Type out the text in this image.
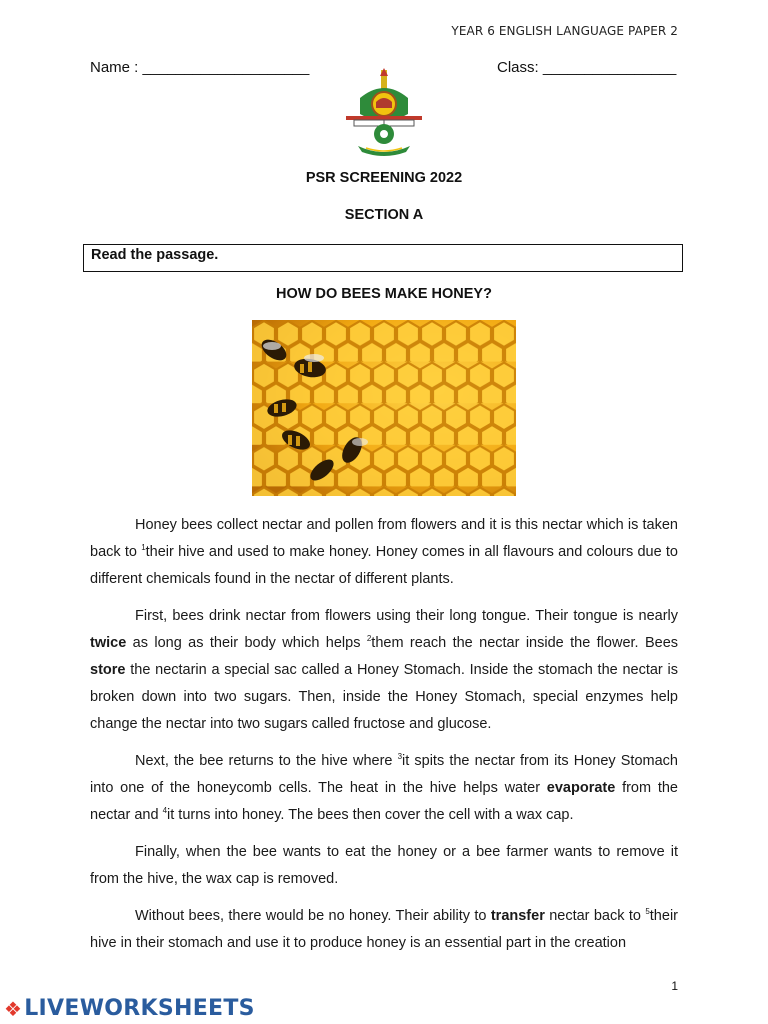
YEAR 6 ENGLISH LANGUAGE PAPER 2
Name : ____________________	Class: ________________
PSR SCREENING 2022
SECTION A
Read the passage.
HOW DO BEES MAKE HONEY?

Honey bees collect nectar and pollen from flowers and it is this nectar which is taken back to $^1$their hive and used to make honey. Honey comes in all flavours and colours due to different chemicals found in the nectar of different plants.

First, bees drink nectar from flowers using their long tongue. Their tongue is nearly twice as long as their body which helps $^2$them reach the nectar inside the flower. Bees store the nectarin a special sac called a Honey Stomach. Inside the stomach the nectar is broken down into two sugars. Then, inside the Honey Stomach, special enzymes help change the nectar into two sugars called fructose and glucose.

Next, the bee returns to the hive where $^3$it spits the nectar from its Honey Stomach into one of the honeycomb cells. The heat in the hive helps water evaporate from the nectar and $^4$it turns into honey. The bees then cover the cell with a wax cap.

Finally, when the bee wants to eat the honey or a bee farmer wants to remove it from the hive, the wax cap is removed.

Without bees, there would be no honey. Their ability to transfer nectar back to $^5$their hive in their stomach and use it to produce honey is an essential part in the creation

1
❖ LIVEWORKSHEETS
